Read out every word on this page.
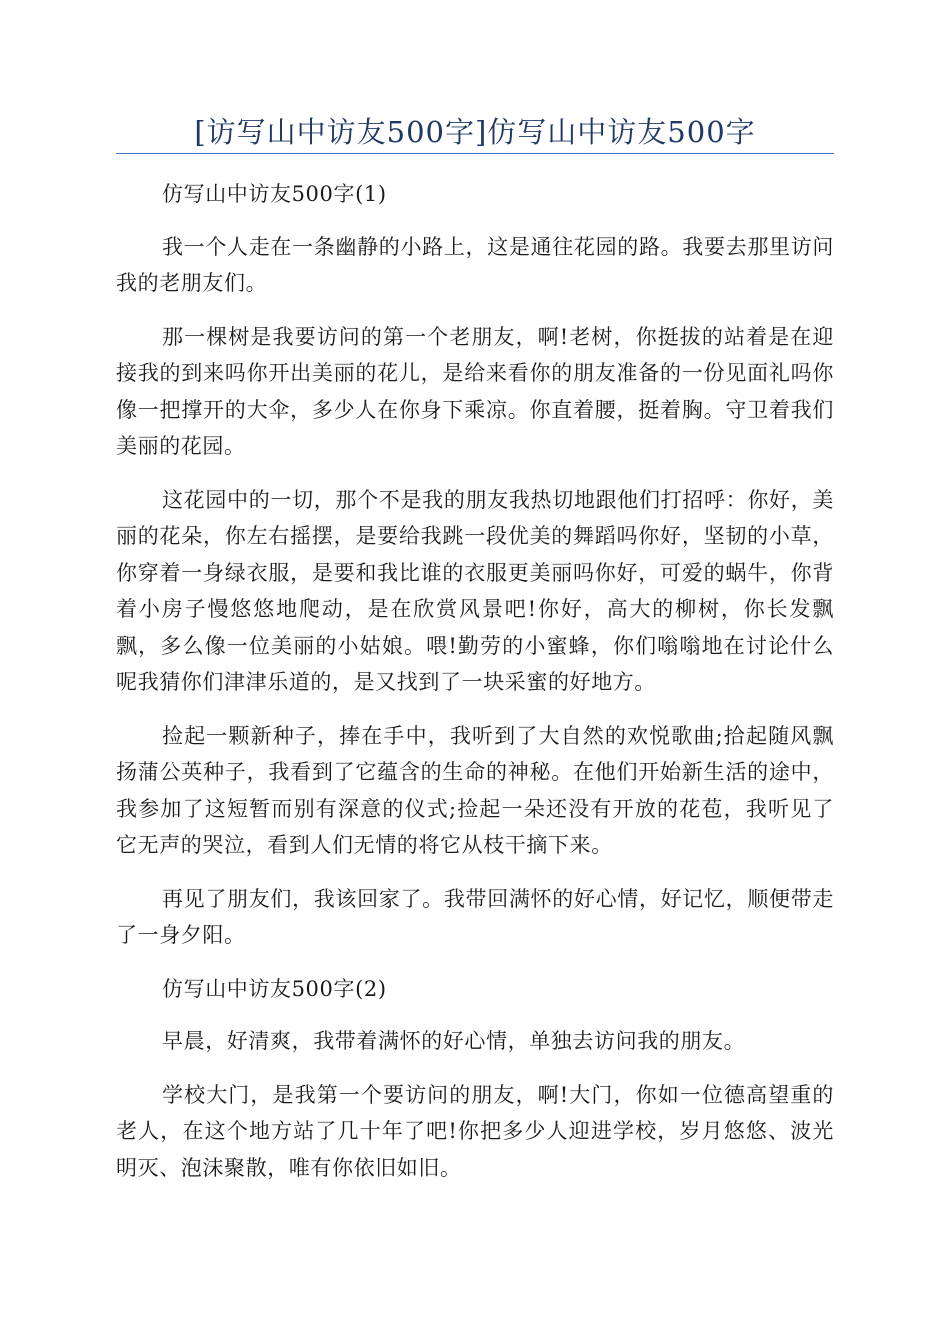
[访写山中访友500字]仿写山中访友500字

仿写山中访友500字(1)

我一个人走在一条幽静的小路上，这是通往花园的路。我要去那里访问我的老朋友们。

那一棵树是我要访问的第一个老朋友，啊!老树，你挺拔的站着是在迎接我的到来吗你开出美丽的花儿，是给来看你的朋友准备的一份见面礼吗你像一把撑开的大伞，多少人在你身下乘凉。你直着腰，挺着胸。守卫着我们美丽的花园。

这花园中的一切，那个不是我的朋友我热切地跟他们打招呼：你好，美丽的花朵，你左右摇摆，是要给我跳一段优美的舞蹈吗你好，坚韧的小草，你穿着一身绿衣服，是要和我比谁的衣服更美丽吗你好，可爱的蜗牛，你背着小房子慢悠悠地爬动，是在欣赏风景吧!你好，高大的柳树，你长发飘飘，多么像一位美丽的小姑娘。喂!勤劳的小蜜蜂，你们嗡嗡地在讨论什么呢我猜你们津津乐道的，是又找到了一块采蜜的好地方。

捡起一颗新种子，捧在手中，我听到了大自然的欢悦歌曲;拾起随风飘扬蒲公英种子，我看到了它蕴含的生命的神秘。在他们开始新生活的途中，我参加了这短暂而别有深意的仪式;捡起一朵还没有开放的花苞，我听见了它无声的哭泣，看到人们无情的将它从枝干摘下来。

再见了朋友们，我该回家了。我带回满怀的好心情，好记忆，顺便带走了一身夕阳。

仿写山中访友500字(2)

早晨，好清爽，我带着满怀的好心情，单独去访问我的朋友。

学校大门，是我第一个要访问的朋友，啊!大门，你如一位德高望重的老人，在这个地方站了几十年了吧!你把多少人迎进学校，岁月悠悠、波光明灭、泡沫聚散，唯有你依旧如旧。
